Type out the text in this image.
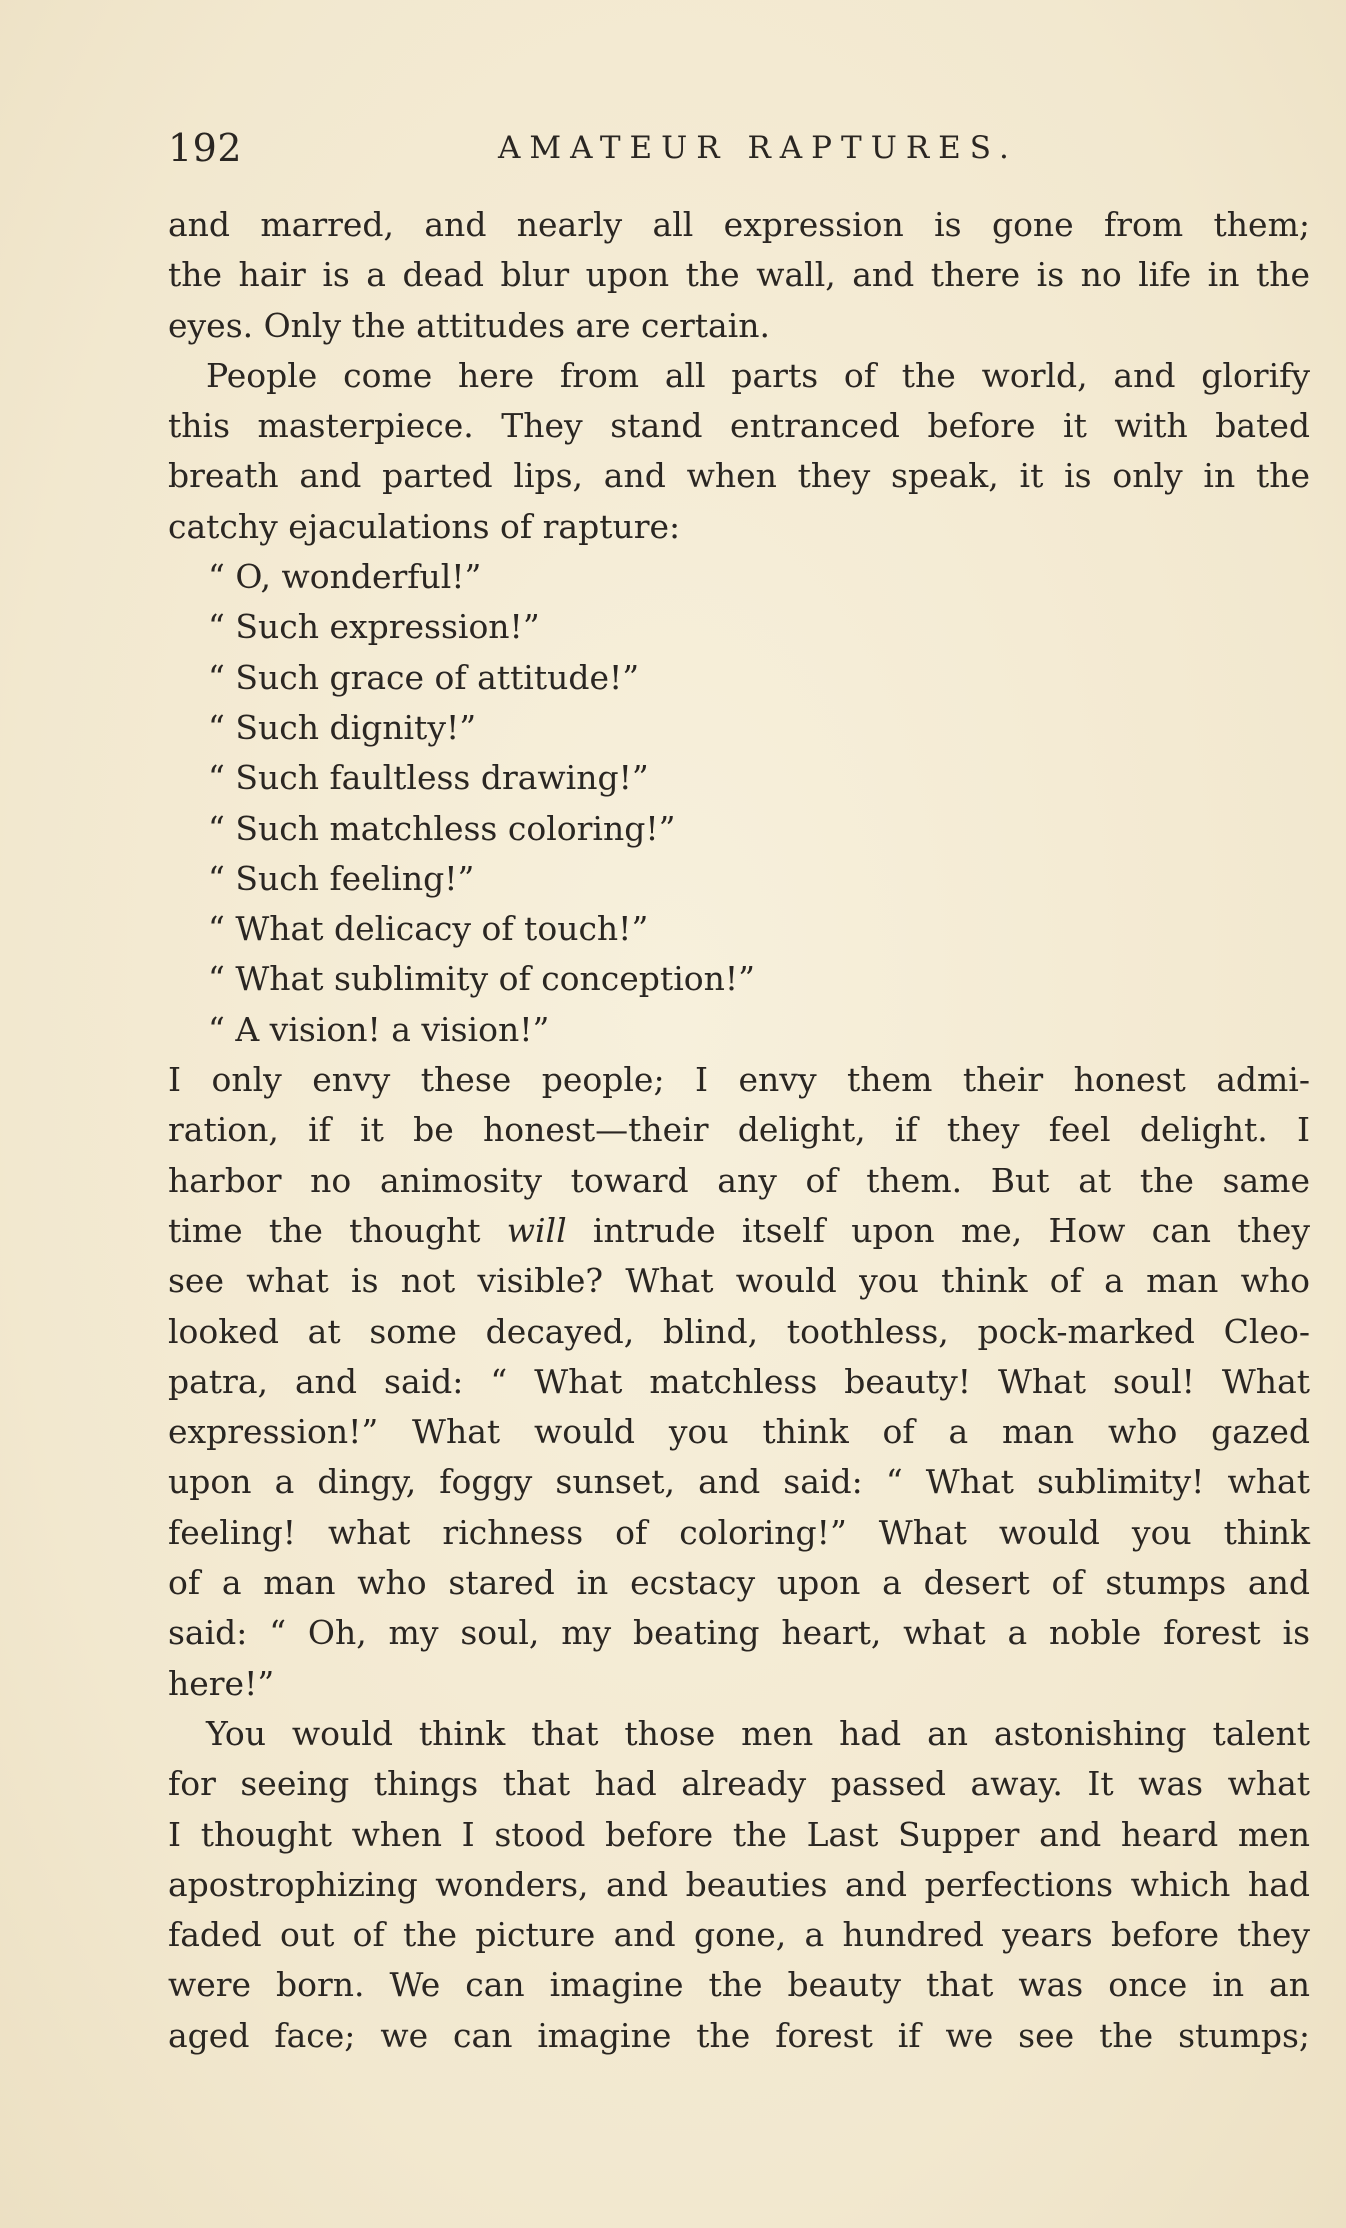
192	AMATEUR RAPTURES.
and marred, and nearly all expression is gone from them;
the hair is a dead blur upon the wall, and there is no life in the
eyes. Only the attitudes are certain.
People come here from all parts of the world, and glorify
this masterpiece. They stand entranced before it with bated
breath and parted lips, and when they speak, it is only in the
catchy ejaculations of rapture:
“ O, wonderful!”
“ Such expression!”
“ Such grace of attitude!”
“ Such dignity!”
“ Such faultless drawing!”
“ Such matchless coloring!”
“ Such feeling!”
“ What delicacy of touch!”
“ What sublimity of conception!”
“ A vision! a vision!”
I only envy these people; I envy them their honest admi-
ration, if it be honest—their delight, if they feel delight. I
harbor no animosity toward any of them. But at the same
time the thought will intrude itself upon me, How can they
see what is not visible? What would you think of a man who
looked at some decayed, blind, toothless, pock-marked Cleo-
patra, and said: “ What matchless beauty! What soul! What
expression!” What would you think of a man who gazed
upon a dingy, foggy sunset, and said: “ What sublimity! what
feeling! what richness of coloring!” What would you think
of a man who stared in ecstacy upon a desert of stumps and
said: “ Oh, my soul, my beating heart, what a noble forest is
here!”
You would think that those men had an astonishing talent
for seeing things that had already passed away. It was what
I thought when I stood before the Last Supper and heard men
apostrophizing wonders, and beauties and perfections which had
faded out of the picture and gone, a hundred years before they
were born. We can imagine the beauty that was once in an
aged face; we can imagine the forest if we see the stumps;
